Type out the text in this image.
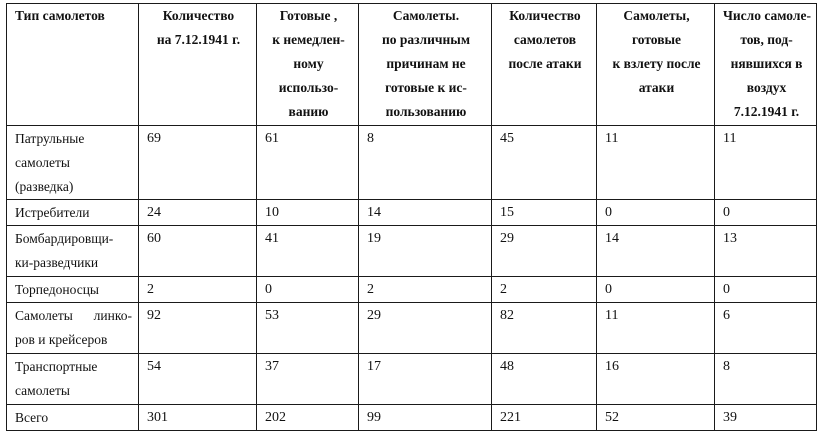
Тип самолетов	Количество
на 7.12.1941 г.	Готовые ,
к немедлен-
ному
использо-
ванию	Самолеты.
по различным
причинам не
готовые к ис-
пользованию	Количество
самолетов
после атаки	Самолеты,
готовые
к взлету после
атаки	Число самоле-
тов, под-
нявшихся в
воздух
7.12.1941 г.

Патрульные
самолеты
(разведка)	69	61	8	45	11	11

Истребители	24	10	14	15	0	0

Бомбардировщи-
ки-разведчики	60	41	19	29	14	13

Торпедоносцы	2	0	2	2	0	0

Самолеты линко-
ров и крейсеров	92	53	29	82	11	6

Транспортные
самолеты	54	37	17	48	16	8

Всего	301	202	99	221	52	39
